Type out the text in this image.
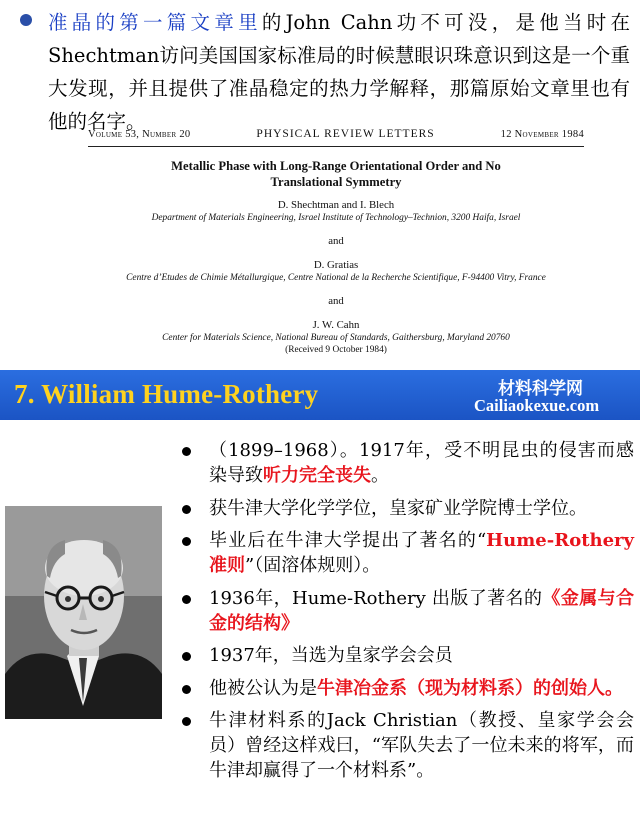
准晶的第一篇文章里的John Cahn功不可没，是他当时在Shechtman访问美国国家标准局的时候慧眼识珠意识到这是一个重大发现，并且提供了准晶稳定的热力学解释，那篇原始文章里也有他的名字。
Volume 53, Number 20	PHYSICAL REVIEW LETTERS	12 November 1984
Metallic Phase with Long-Range Orientational Order and No
Translational Symmetry
D. Shechtman and I. Blech
Department of Materials Engineering, Israel Institute of Technology–Technion, 3200 Haifa, Israel
and
D. Gratias
Centre d’Etudes de Chimie Métallurgique, Centre National de la Recherche Scientifique, F-94400 Vitry, France
and
J. W. Cahn
Center for Materials Science, National Bureau of Standards, Gaithersburg, Maryland 20760
(Received 9 October 1984)
7. William Hume-Rothery	材料科学网
Cailiaokexue.com
（1899–1968）。1917年，受不明昆虫的侵害而感染导致听力完全丧失。
获牛津大学化学学位，皇家矿业学院博士学位。
毕业后在牛津大学提出了著名的“Hume-Rothery准则”（固溶体规则）。
1936年，Hume-Rothery 出版了著名的《金属与合金的结构》
1937年，当选为皇家学会会员
他被公认为是牛津冶金系（现为材料系）的创始人。
牛津材料系的Jack Christian（教授、皇家学会会员）曾经这样戏曰，“军队失去了一位未来的将军，而牛津却赢得了一个材料系”。
